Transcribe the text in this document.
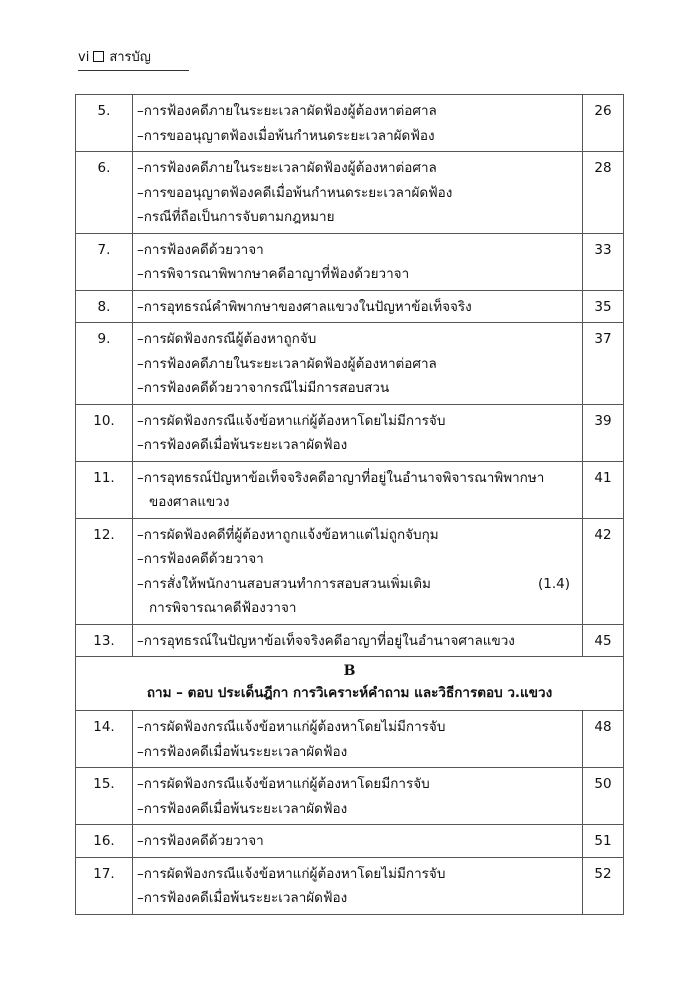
vi สารบัญ
5.	–การฟ้องคดีภายในระยะเวลาผัดฟ้องผู้ต้องหาต่อศาล
–การขออนุญาตฟ้องเมื่อพ้นกำหนดระยะเวลาผัดฟ้อง	26
6.	–การฟ้องคดีภายในระยะเวลาผัดฟ้องผู้ต้องหาต่อศาล
–การขออนุญาตฟ้องคดีเมื่อพ้นกำหนดระยะเวลาผัดฟ้อง
–กรณีที่ถือเป็นการจับตามกฎหมาย	28
7.	–การฟ้องคดีด้วยวาจา
–การพิจารณาพิพากษาคดีอาญาที่ฟ้องด้วยวาจา	33
8.	–การอุทธรณ์คำพิพากษาของศาลแขวงในปัญหาข้อเท็จจริง	35
9.	–การผัดฟ้องกรณีผู้ต้องหาถูกจับ
–การฟ้องคดีภายในระยะเวลาผัดฟ้องผู้ต้องหาต่อศาล
–การฟ้องคดีด้วยวาจากรณีไม่มีการสอบสวน	37
10.	–การผัดฟ้องกรณีแจ้งข้อหาแก่ผู้ต้องหาโดยไม่มีการจับ
–การฟ้องคดีเมื่อพ้นระยะเวลาผัดฟ้อง	39
11.	–การอุทธรณ์ปัญหาข้อเท็จจริงคดีอาญาที่อยู่ในอำนาจพิจารณาพิพากษา
ของศาลแขวง	41
12.	–การผัดฟ้องคดีที่ผู้ต้องหาถูกแจ้งข้อหาแต่ไม่ถูกจับกุม
–การฟ้องคดีด้วยวาจา
–การสั่งให้พนักงานสอบสวนทำการสอบสวนเพิ่มเติม (1.4)
การพิจารณาคดีฟ้องวาจา	42
13.	–การอุทธรณ์ในปัญหาข้อเท็จจริงคดีอาญาที่อยู่ในอำนาจศาลแขวง	45

B
ถาม – ตอบ ประเด็นฎีกา การวิเคราะห์คำถาม และวิธีการตอบ ว.แขวง		

14.	–การผัดฟ้องกรณีแจ้งข้อหาแก่ผู้ต้องหาโดยไม่มีการจับ
–การฟ้องคดีเมื่อพ้นระยะเวลาผัดฟ้อง	48
15.	–การผัดฟ้องกรณีแจ้งข้อหาแก่ผู้ต้องหาโดยมีการจับ
–การฟ้องคดีเมื่อพ้นระยะเวลาผัดฟ้อง	50
16.	–การฟ้องคดีด้วยวาจา	51
17.	–การผัดฟ้องกรณีแจ้งข้อหาแก่ผู้ต้องหาโดยไม่มีการจับ
–การฟ้องคดีเมื่อพ้นระยะเวลาผัดฟ้อง	52
